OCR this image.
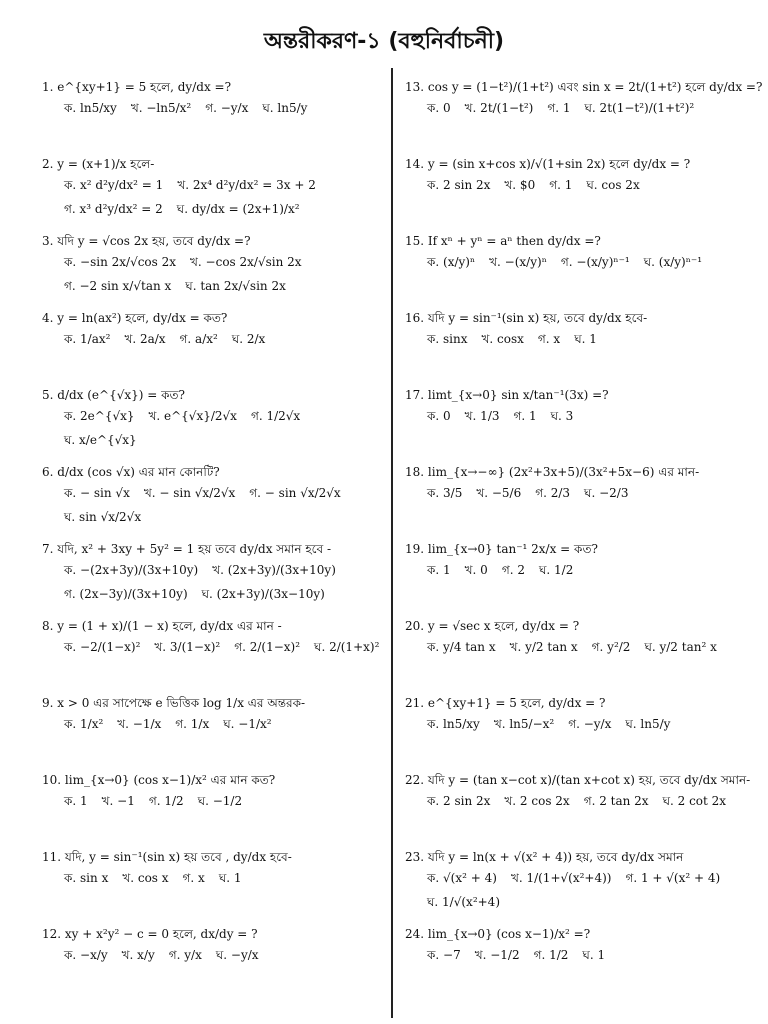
অন্তরীকরণ-১ (বহুনির্বাচনী)
1. e^{xy+1} = 5 হলে, dy/dx =?
ক. ln5/xy খ. −ln5/x² গ. −y/x ঘ. ln5/y
2. y = (x+1)/x হলে-
ক. x² d²y/dx² = 1 খ. 2x⁴ d²y/dx² = 3x + 2
গ. x³ d²y/dx² = 2 ঘ. dy/dx = (2x+1)/x²
3. যদি y = √cos 2x হয়, তবে dy/dx =?
ক. −sin 2x/√cos 2x খ. −cos 2x/√sin 2x
গ. −2 sin x/√tan x ঘ. tan 2x/√sin 2x
4. y = ln(ax²) হলে, dy/dx = কত?
ক. 1/ax² খ. 2a/x গ. a/x² ঘ. 2/x
5. d/dx (e^{√x}) = কত?
ক. 2e^{√x} খ. e^{√x}/2√x গ. 1/2√x
ঘ. x/e^{√x}
6. d/dx (cos √x) এর মান কোনটি?
ক. − sin √x খ. − sin √x/2√x গ. − sin √x/2√x
ঘ. sin √x/2√x
7. যদি, x² + 3xy + 5y² = 1 হয় তবে dy/dx সমান হবে -
ক. −(2x+3y)/(3x+10y) খ. (2x+3y)/(3x+10y)
গ. (2x−3y)/(3x+10y) ঘ. (2x+3y)/(3x−10y)
8. y = (1 + x)/(1 − x) হলে, dy/dx এর মান -
ক. −2/(1−x)² খ. 3/(1−x)² গ. 2/(1−x)² ঘ. 2/(1+x)²
9. x > 0 এর সাপেক্ষে e ভিত্তিক log 1/x এর অন্তরক-
ক. 1/x² খ. −1/x গ. 1/x ঘ. −1/x²
10. lim_{x→0} (cos x−1)/x² এর মান কত?
ক. 1 খ. −1 গ. 1/2 ঘ. −1/2
11. যদি, y = sin⁻¹(sin x) হয় তবে , dy/dx হবে-
ক. sin x খ. cos x গ. x ঘ. 1
12. xy + x²y² − c = 0 হলে, dx/dy = ?
ক. −x/y খ. x/y গ. y/x ঘ. −y/x
13. cos y = (1−t²)/(1+t²) এবং sin x = 2t/(1+t²) হলে dy/dx =?
ক. 0 খ. 2t/(1−t²) গ. 1 ঘ. 2t(1−t²)/(1+t²)²
14. y = (sin x+cos x)/√(1+sin 2x) হলে dy/dx = ?
ক. 2 sin 2x খ. $0 গ. 1 ঘ. cos 2x
15. If xⁿ + yⁿ = aⁿ then dy/dx =?
ক. (x/y)ⁿ খ. −(x/y)ⁿ গ. −(x/y)ⁿ⁻¹ ঘ. (x/y)ⁿ⁻¹
16. যদি y = sin⁻¹(sin x) হয়, তবে dy/dx হবে-
ক. sinx খ. cosx গ. x ঘ. 1
17. limt_{x→0} sin x/tan⁻¹(3x) =?
ক. 0 খ. 1/3 গ. 1 ঘ. 3
18. lim_{x→−∞} (2x²+3x+5)/(3x²+5x−6) এর মান-
ক. 3/5 খ. −5/6 গ. 2/3 ঘ. −2/3
19. lim_{x→0} tan⁻¹ 2x/x = কত?
ক. 1 খ. 0 গ. 2 ঘ. 1/2
20. y = √sec x হলে, dy/dx = ?
ক. y/4 tan x খ. y/2 tan x গ. y²/2 ঘ. y/2 tan² x
21. e^{xy+1} = 5 হলে, dy/dx = ?
ক. ln5/xy খ. ln5/−x² গ. −y/x ঘ. ln5/y
22. যদি y = (tan x−cot x)/(tan x+cot x) হয়, তবে dy/dx সমান-
ক. 2 sin 2x খ. 2 cos 2x গ. 2 tan 2x ঘ. 2 cot 2x
23. যদি y = ln(x + √(x² + 4)) হয়, তবে dy/dx সমান
ক. √(x² + 4) খ. 1/(1+√(x²+4)) গ. 1 + √(x² + 4)
ঘ. 1/√(x²+4)
24. lim_{x→0} (cos x−1)/x² =?
ক. −7 খ. −1/2 গ. 1/2 ঘ. 1
